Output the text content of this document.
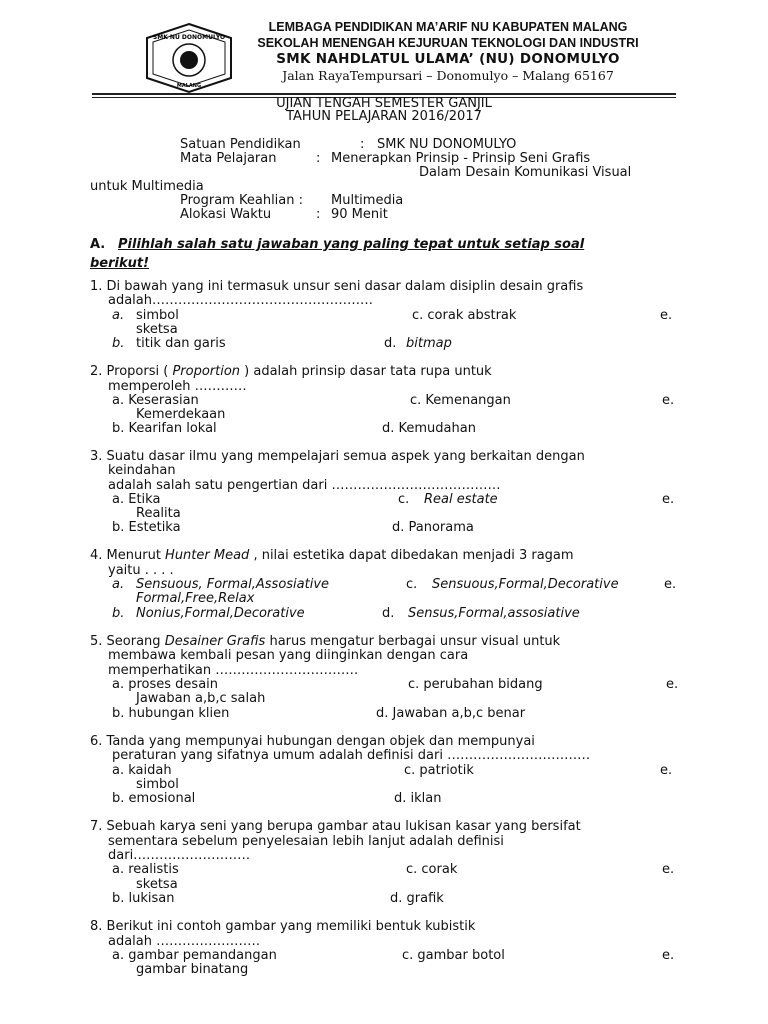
SMK NU DONOMULYO
MALANG
LEMBAGA PENDIDIKAN MA’ARIF NU KABUPATEN MALANG
SEKOLAH MENENGAH KEJURUAN TEKNOLOGI DAN INDUSTRI
SMK NAHDLATUL ULAMA’ (NU) DONOMULYO
Jalan RayaTempursari – Donomulyo – Malang 65167
UJIAN TENGAH SEMESTER GANJIL
TAHUN PELAJARAN 2016/2017
Satuan Pendidikan	: SMK NU DONOMULYO
Mata Pelajaran	: Menerapkan Prinsip - Prinsip Seni Grafis
Dalam Desain Komunikasi Visual
untuk Multimedia
Program Keahlian : Multimedia
Alokasi Waktu	: 90 Menit
A. Pilihlah salah satu jawaban yang paling tepat untuk setiap soal
berikut!
1. Di bawah yang ini termasuk unsur seni dasar dalam disiplin desain grafis
adalah……………………………………………
a. simbol	c. corak abstrak	e.
sketsa
b. titik dan garis	d. bitmap
2. Proporsi ( Proportion ) adalah prinsip dasar tata rupa untuk
memperoleh …………
a. Keserasian	c. Kemenangan	e.
Kemerdekaan
b. Kearifan lokal	d. Kemudahan
3. Suatu dasar ilmu yang mempelajari semua aspek yang berkaitan dengan
keindahan
adalah salah satu pengertian dari …………………………………
a. Etika	c. Real estate	e.
Realita
b. Estetika	d. Panorama
4. Menurut Hunter Mead , nilai estetika dapat dibedakan menjadi 3 ragam
yaitu . . . .
a. Sensuous, Formal,Assosiative	c. Sensuous,Formal,Decorative	e.
Formal,Free,Relax
b. Nonius,Formal,Decorative	d. Sensus,Formal,assosiative
5. Seorang Desainer Grafis harus mengatur berbagai unsur visual untuk
membawa kembali pesan yang diinginkan dengan cara
memperhatikan ……………………………
a. proses desain	c. perubahan bidang	e.
Jawaban a,b,c salah
b. hubungan klien	d. Jawaban a,b,c benar
6. Tanda yang mempunyai hubungan dengan objek dan mempunyai
peraturan yang sifatnya umum adalah definisi dari ……………………………
a. kaidah	c. patriotik	e.
simbol
b. emosional	d. iklan
7. Sebuah karya seni yang berupa gambar atau lukisan kasar yang bersifat
sementara sebelum penyelesaian lebih lanjut adalah definisi
dari………………………
a. realistis	c. corak	e.
sketsa
b. lukisan	d. grafik
8. Berikut ini contoh gambar yang memiliki bentuk kubistik
adalah ……………………
a. gambar pemandangan	c. gambar botol	e.
gambar binatang
